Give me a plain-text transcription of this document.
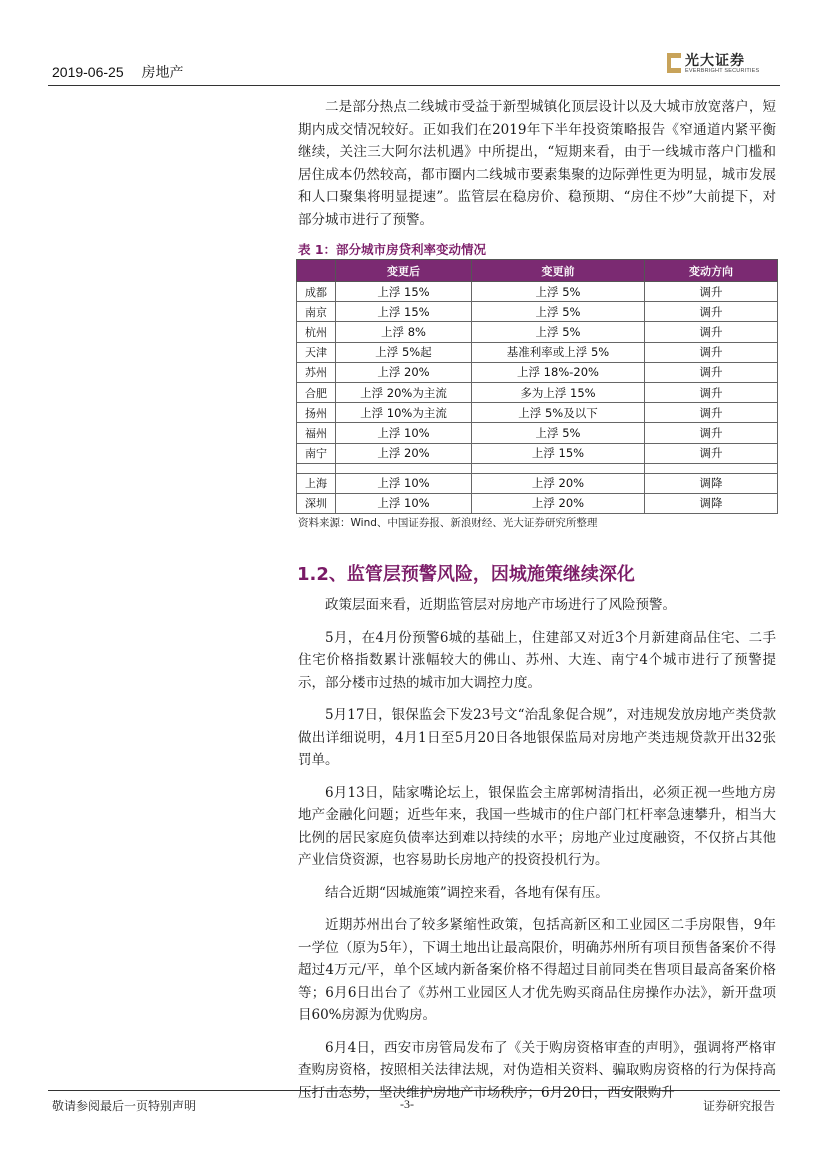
2019-06-25 房地产
光大证券
EVERBRIGHT SECURITIES

二是部分热点二线城市受益于新型城镇化顶层设计以及大城市放宽落户，短期内成交情况较好。正如我们在2019年下半年投资策略报告《窄通道内紧平衡继续，关注三大阿尔法机遇》中所提出，“短期来看，由于一线城市落户门槛和居住成本仍然较高，都市圈内二线城市要素集聚的边际弹性更为明显，城市发展和人口聚集将明显提速”。监管层在稳房价、稳预期、“房住不炒”大前提下，对部分城市进行了预警。

表 1：部分城市房贷利率变动情况
	变更后	变更前	变动方向
成都	上浮 15%	上浮 5%	调升
南京	上浮 15%	上浮 5%	调升
杭州	上浮 8%	上浮 5%	调升
天津	上浮 5%起	基准利率或上浮 5%	调升
苏州	上浮 20%	上浮 18%-20%	调升
合肥	上浮 20%为主流	多为上浮 15%	调升
扬州	上浮 10%为主流	上浮 5%及以下	调升
福州	上浮 10%	上浮 5%	调升
南宁	上浮 20%	上浮 15%	调升

上海	上浮 10%	上浮 20%	调降
深圳	上浮 10%	上浮 20%	调降
资料来源：Wind、中国证券报、新浪财经、光大证券研究所整理
1.2、监管层预警风险，因城施策继续深化

政策层面来看，近期监管层对房地产市场进行了风险预警。

5月，在4月份预警6城的基础上，住建部又对近3个月新建商品住宅、二手住宅价格指数累计涨幅较大的佛山、苏州、大连、南宁4个城市进行了预警提示，部分楼市过热的城市加大调控力度。

5月17日，银保监会下发23号文“治乱象促合规”，对违规发放房地产类贷款做出详细说明，4月1日至5月20日各地银保监局对房地产类违规贷款开出32张罚单。

6月13日，陆家嘴论坛上，银保监会主席郭树清指出，必须正视一些地方房地产金融化问题；近些年来，我国一些城市的住户部门杠杆率急速攀升，相当大比例的居民家庭负债率达到难以持续的水平；房地产业过度融资，不仅挤占其他产业信贷资源，也容易助长房地产的投资投机行为。

结合近期“因城施策”调控来看，各地有保有压。

近期苏州出台了较多紧缩性政策，包括高新区和工业园区二手房限售，9年一学位（原为5年），下调土地出让最高限价，明确苏州所有项目预售备案价不得超过4万元/平，单个区域内新备案价格不得超过目前同类在售项目最高备案价格等；6月6日出台了《苏州工业园区人才优先购买商品住房操作办法》，新开盘项目60%房源为优购房。

6月4日，西安市房管局发布了《关于购房资格审查的声明》，强调将严格审查购房资格，按照相关法律法规，对伪造相关资料、骗取购房资格的行为保持高压打击态势，坚决维护房地产市场秩序；6月20日，西安限购升

敬请参阅最后一页特别声明	-3-	证券研究报告
